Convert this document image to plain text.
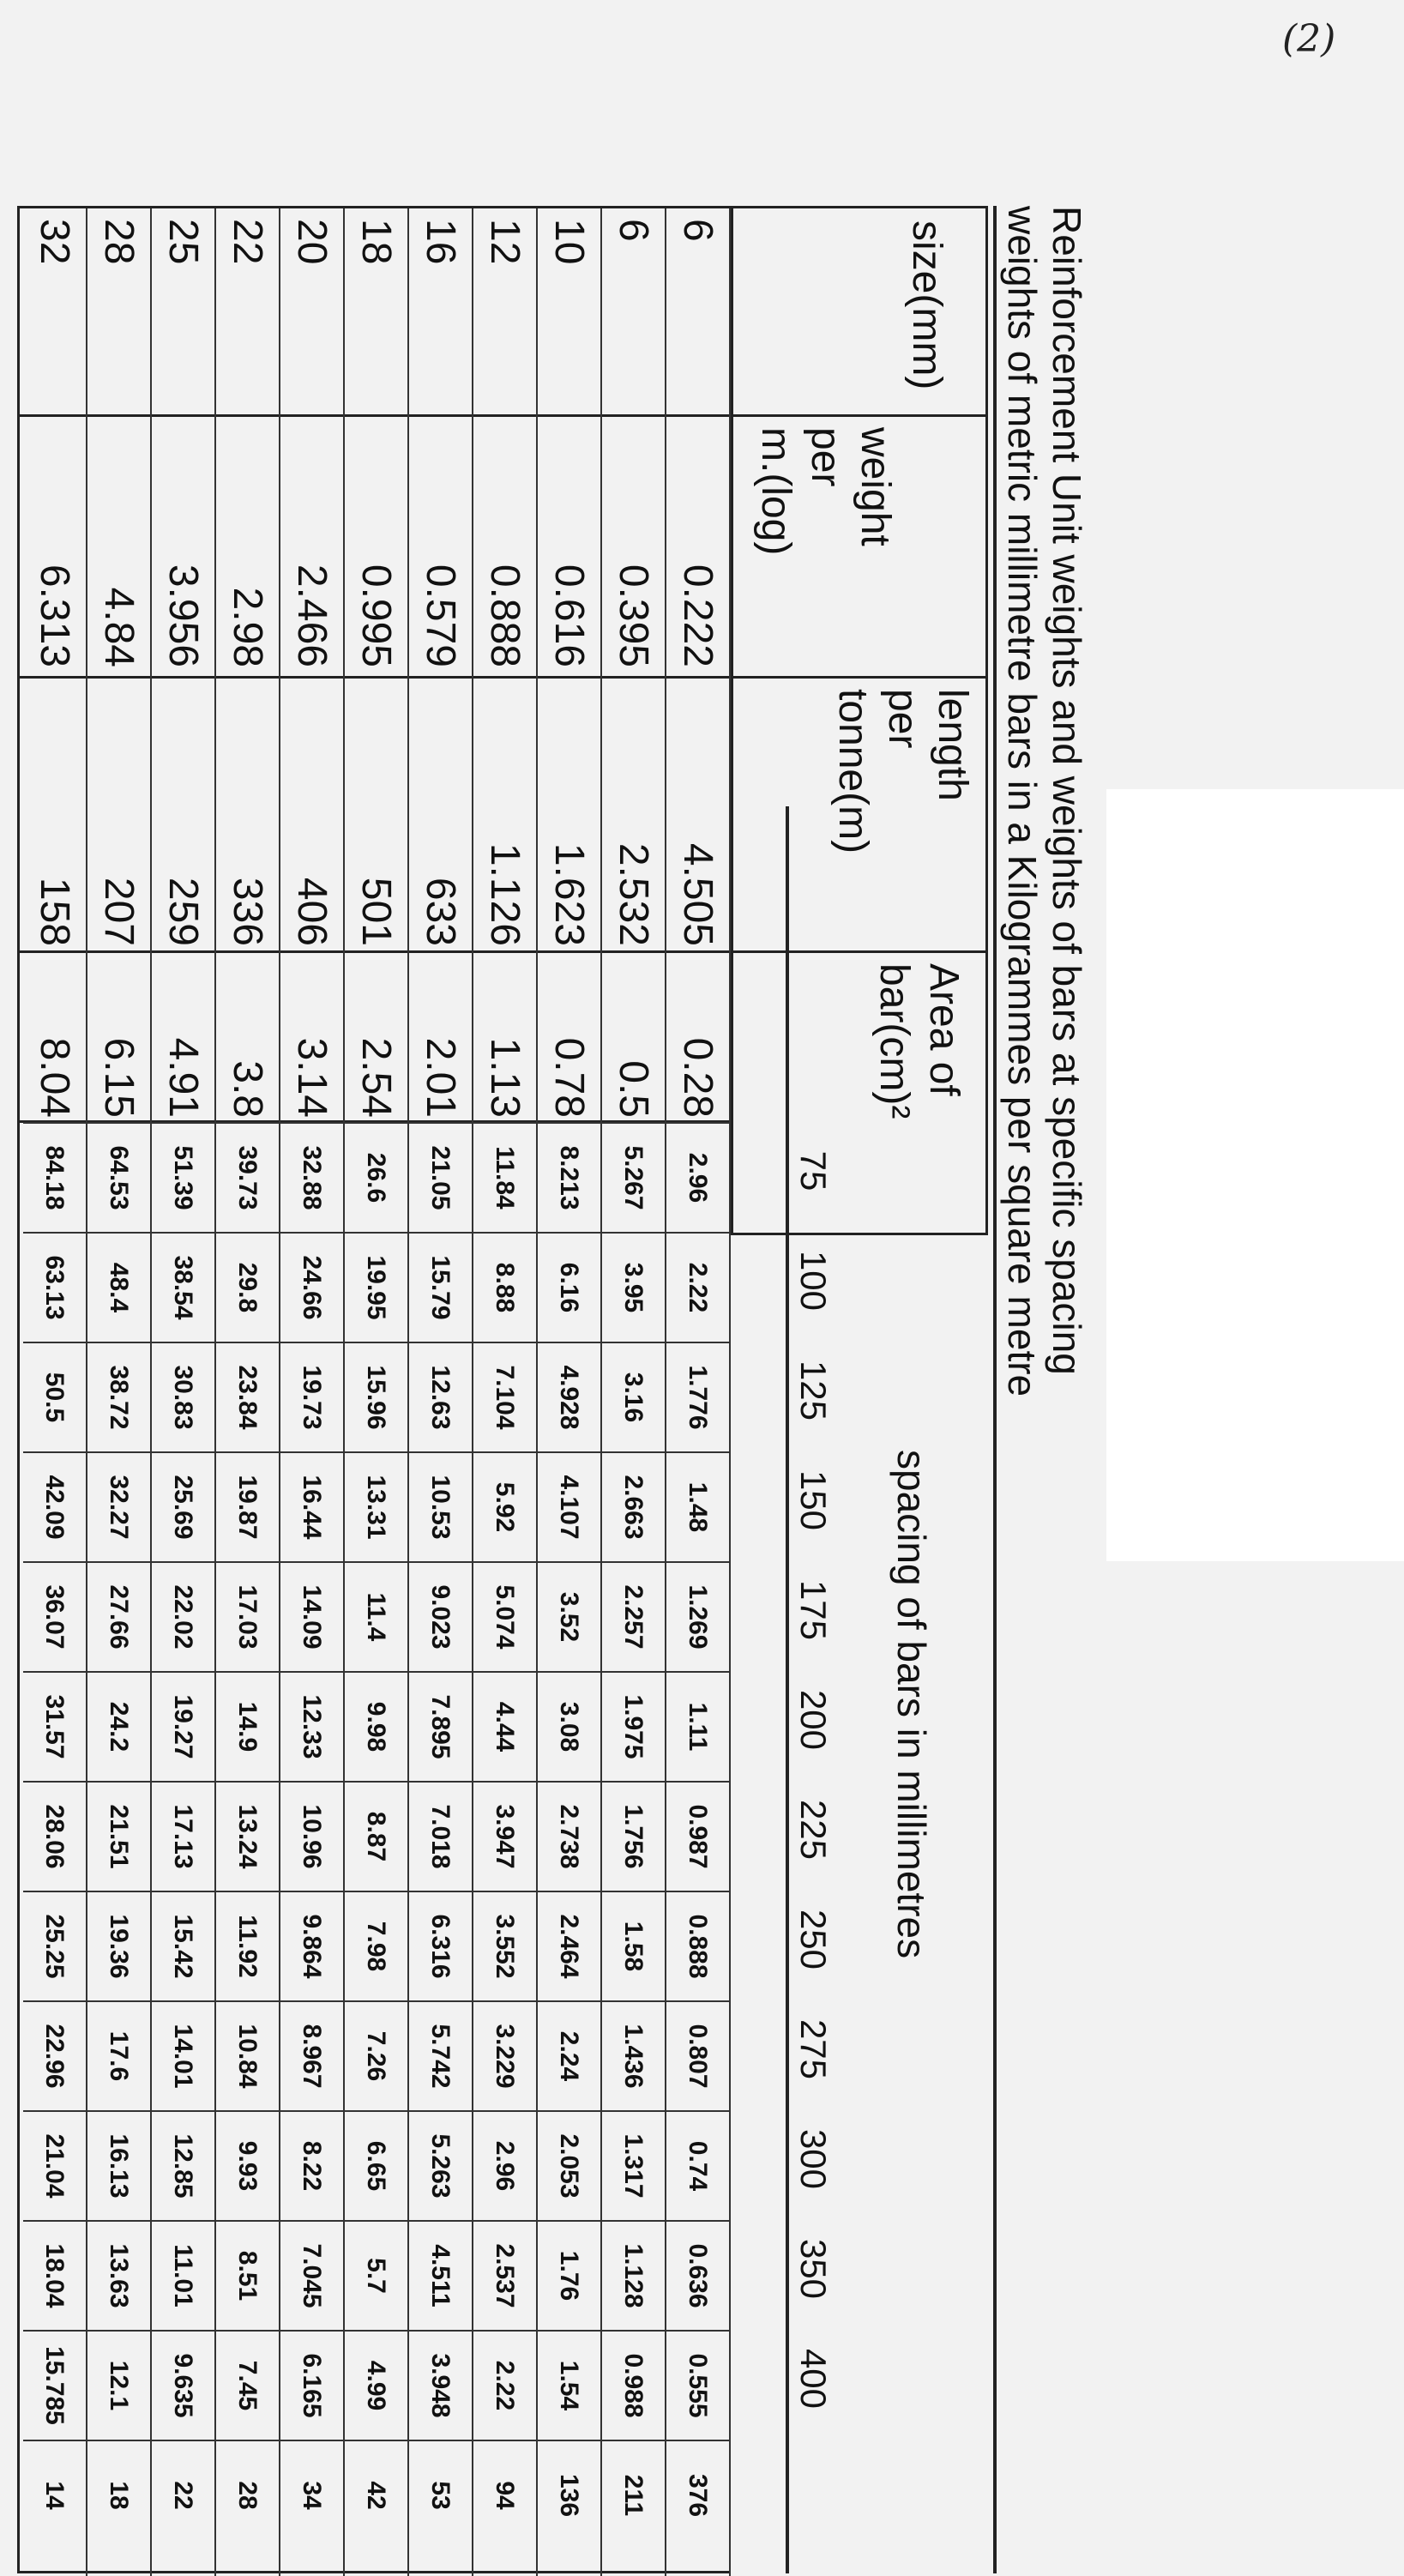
(2)
Reinforcement Unit weights and weights of bars at specific spacing
weights of metric millimetre bars in a Kilogrammes per square metre
size(mm)
weight
per
m.(log)
length
per
tonne(m)
Area of
bar(cm)²
spacing of bars in millimetres
75
100
125
150
175
200
225
250
275
300
350
400
6
0.222
4.505
0.28
2.96
2.22
1.776
1.48
1.269
1.11
0.987
0.888
0.807
0.74
0.636
0.555
376
6
0.395
2.532
0.5
5.267
3.95
3.16
2.663
2.257
1.975
1.756
1.58
1.436
1.317
1.128
0.988
211
10
0.616
1.623
0.78
8.213
6.16
4.928
4.107
3.52
3.08
2.738
2.464
2.24
2.053
1.76
1.54
136
12
0.888
1.126
1.13
11.84
8.88
7.104
5.92
5.074
4.44
3.947
3.552
3.229
2.96
2.537
2.22
94
16
0.579
633
2.01
21.05
15.79
12.63
10.53
9.023
7.895
7.018
6.316
5.742
5.263
4.511
3.948
53
18
0.995
501
2.54
26.6
19.95
15.96
13.31
11.4
9.98
8.87
7.98
7.26
6.65
5.7
4.99
42
20
2.466
406
3.14
32.88
24.66
19.73
16.44
14.09
12.33
10.96
9.864
8.967
8.22
7.045
6.165
34
22
2.98
336
3.8
39.73
29.8
23.84
19.87
17.03
14.9
13.24
11.92
10.84
9.93
8.51
7.45
28
25
3.956
259
4.91
51.39
38.54
30.83
25.69
22.02
19.27
17.13
15.42
14.01
12.85
11.01
9.635
22
28
4.84
207
6.15
64.53
48.4
38.72
32.27
27.66
24.2
21.51
19.36
17.6
16.13
13.63
12.1
18
32
6.313
158
8.04
84.18
63.13
50.5
42.09
36.07
31.57
28.06
25.25
22.96
21.04
18.04
15.785
14
